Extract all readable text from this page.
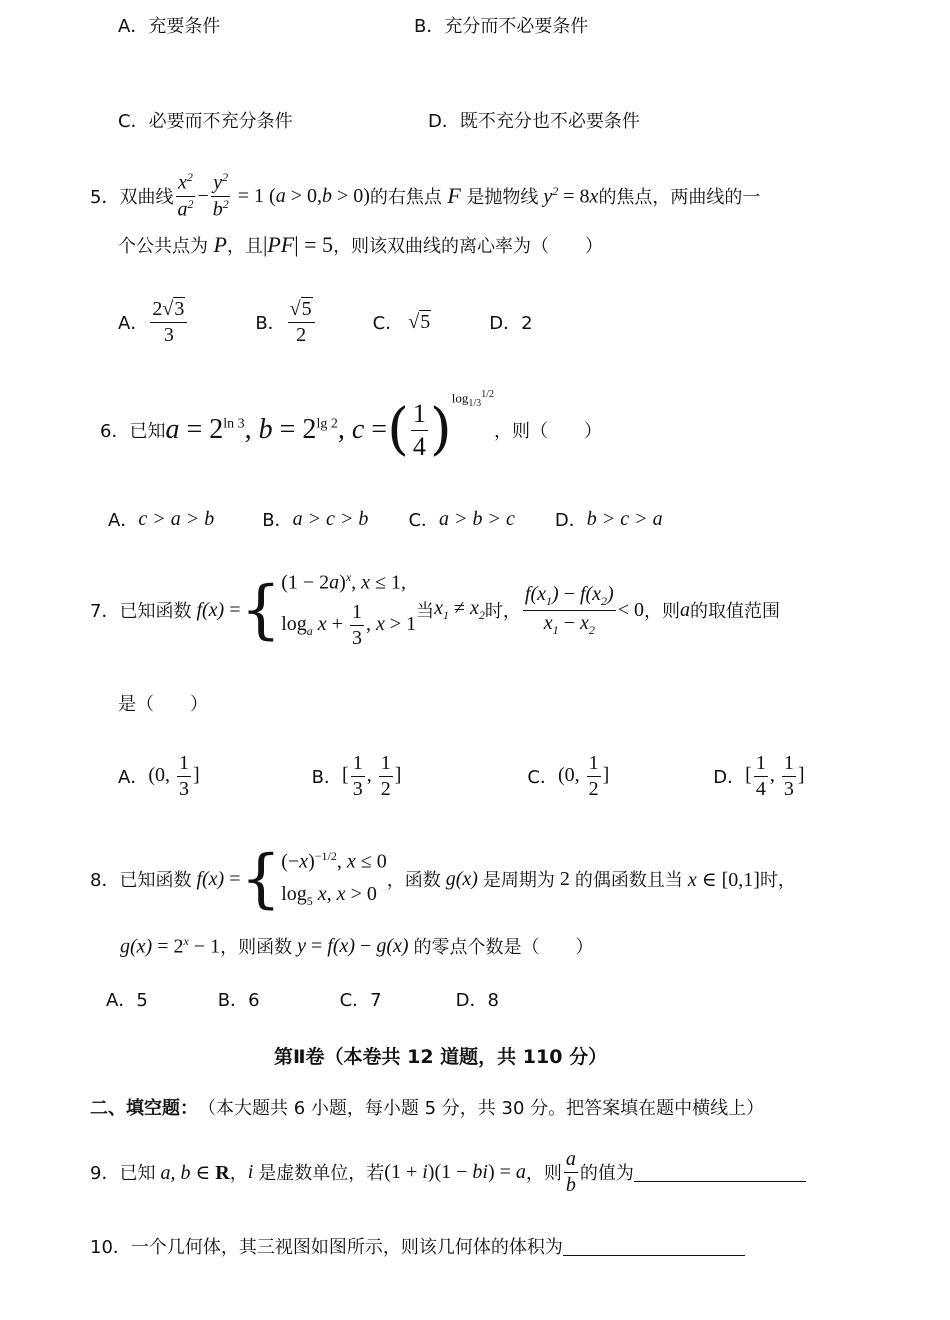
A．充要条件	B．充分而不必要条件
C．必要而不充分条件	D．既不充分也不必要条件
5． 双曲线 $\frac{x^2}{a^2} - \frac{y^2}{b^2} = 1$ (a > 0,b > 0) 的右焦点 F 是抛物线 $y^2 = 8x$ 的焦点，两曲线的一
个公共点为 P ，且 |PF| = 5 ，则该双曲线的离心率为（　　）
A． $\frac{2√3}{3}$	B． $\frac{√5}{2}$	C． √5	D．2
6． 已知 $a = 2^{ln 3}$, $b = 2^{lg 2}$, c = ( $\frac{1}{4}$ ) $\log_{1/3}^{1/2}$
，则（　　）
A． c > a > b	B． a > c > b C． a > b > c D． b > c > a
7． 已知函数 f(x) = { $(1 - 2a)^x$, x ≤ 1,
$\log_a x + \frac{1}{3}$ , x > 1
当 $x_1 \ne x_2$ 时， $\frac{f(x_1) - f(x_2)}{x_1 - x_2} < 0$ ，则 a 的取值范围
是（　　）
A． (0, $\frac{1}{3}$ ]	B． [ $\frac{1}{3}$ , $\frac{1}{2}$ ]	C． (0, $\frac{1}{2}$ ]	D． [ $\frac{1}{4}$ , $\frac{1}{3}$ ]
8． 已知函数 f(x) = { $(-x)^{-1/2}$, x ≤ 0
$\log_5 x$, x > 0
，函数 g(x) 是周期为 2 的偶函数且当 x ∈ [0,1] 时，
$g(x) = 2^x - 1$ ，则函数 y = f(x) − g(x) 的零点个数是（　　）
A．5	B．6	C．7	D．8
第Ⅱ卷（本卷共 12 道题，共 110 分）
二、填空题： （本大题共 6 小题，每小题 5 分，共 30 分。把答案填在题中横线上）
9． 已知 a, b ∈ R ， i 是虚数单位，若 (1 + i)(1 − bi) = a ，则 $\frac{a}{b}$ 的值为
10． 一个几何体，其三视图如图所示，则该几何体的体积为
